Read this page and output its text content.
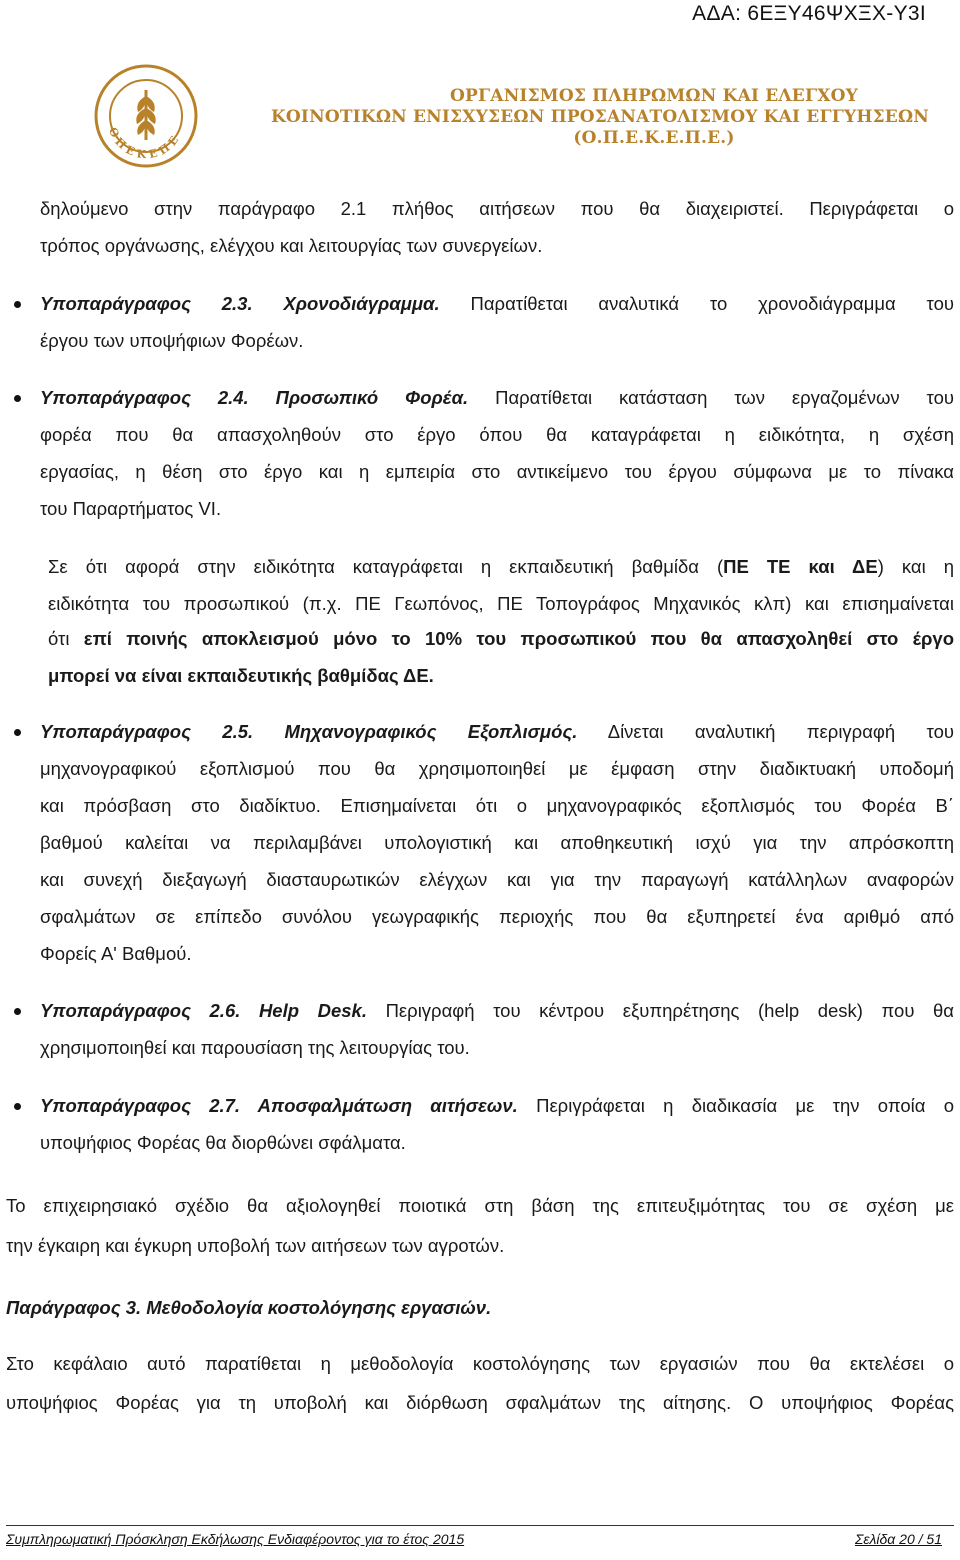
ΑΔΑ: 6ΕΞΥ46ΨΧΞΧ-Υ3Ι
ΟΠΕΚΕΠΕ
ΟΡΓΑΝΙΣΜΟΣ ΠΛΗΡΩΜΩΝ ΚΑΙ ΕΛΕΓΧΟΥ
ΚΟΙΝΟΤΙΚΩΝ ΕΝΙΣΧΥΣΕΩΝ ΠΡΟΣΑΝΑΤΟΛΙΣΜΟΥ ΚΑΙ ΕΓΓΥΗΣΕΩΝ
(Ο.Π.Ε.Κ.Ε.Π.Ε.)
δηλούμενο στην παράγραφο 2.1 πλήθος αιτήσεων που θα διαχειριστεί. Περιγράφεται ο
τρόπος οργάνωσης, ελέγχου και λειτουργίας των συνεργείων.
Υποπαράγραφος 2.3. Χρονοδιάγραμμα. Παρατίθεται αναλυτικά το χρονοδιάγραμμα του
έργου των υποψήφιων Φορέων.
Υποπαράγραφος 2.4. Προσωπικό Φορέα. Παρατίθεται κατάσταση των εργαζομένων του
φορέα που θα απασχοληθούν στο έργο όπου θα καταγράφεται η ειδικότητα, η σχέση
εργασίας, η θέση στο έργο και η εμπειρία στο αντικείμενο του έργου σύμφωνα με το πίνακα
του Παραρτήματος VI.
Σε ότι αφορά στην ειδικότητα καταγράφεται η εκπαιδευτική βαθμίδα (ΠΕ ΤΕ και ΔΕ) και η
ειδικότητα του προσωπικού (π.χ. ΠΕ Γεωπόνος, ΠΕ Τοπογράφος Μηχανικός κλπ) και επισημαίνεται
ότι επί ποινής αποκλεισμού μόνο το 10% του προσωπικού που θα απασχοληθεί στο έργο
μπορεί να είναι εκπαιδευτικής βαθμίδας ΔΕ.
Υποπαράγραφος 2.5. Μηχανογραφικός Εξοπλισμός. Δίνεται αναλυτική περιγραφή του
μηχανογραφικού εξοπλισμού που θα χρησιμοποιηθεί με έμφαση στην διαδικτυακή υποδομή
και πρόσβαση στο διαδίκτυο. Επισημαίνεται ότι ο μηχανογραφικός εξοπλισμός του Φορέα Β΄
βαθμού καλείται να περιλαμβάνει υπολογιστική και αποθηκευτική ισχύ για την απρόσκοπτη
και συνεχή διεξαγωγή διασταυρωτικών ελέγχων και για την παραγωγή κατάλληλων αναφορών
σφαλμάτων σε επίπεδο συνόλου γεωγραφικής περιοχής που θα εξυπηρετεί ένα αριθμό από
Φορείς Α' Βαθμού.
Υποπαράγραφος 2.6. Help Desk. Περιγραφή του κέντρου εξυπηρέτησης (help desk) που θα
χρησιμοποιηθεί και παρουσίαση της λειτουργίας του.
Υποπαράγραφος 2.7. Αποσφαλμάτωση αιτήσεων. Περιγράφεται η διαδικασία με την οποία ο
υποψήφιος Φορέας θα διορθώνει σφάλματα.
Το επιχειρησιακό σχέδιο θα αξιολογηθεί ποιοτικά στη βάση της επιτευξιμότητας του σε σχέση με
την έγκαιρη και έγκυρη υποβολή των αιτήσεων των αγροτών.
Παράγραφος 3. Μεθοδολογία κοστολόγησης εργασιών.
Στο κεφάλαιο αυτό παρατίθεται η μεθοδολογία κοστολόγησης των εργασιών που θα εκτελέσει ο
υποψήφιος Φορέας για τη υποβολή και διόρθωση σφαλμάτων της αίτησης. Ο υποψήφιος Φορέας
Συμπληρωματική Πρόσκληση Εκδήλωσης Ενδιαφέροντος για το έτος 2015	Σελίδα 20 / 51
